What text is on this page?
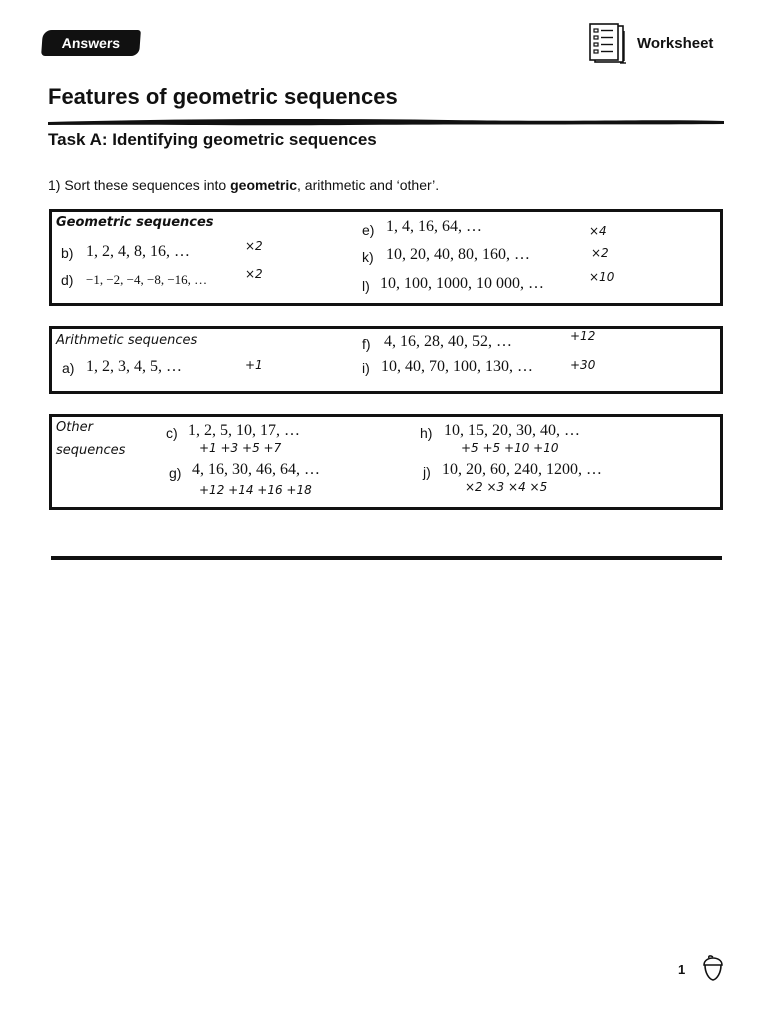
Answers	Worksheet
Features of geometric sequences
Task A: Identifying geometric sequences
1) Sort these sequences into geometric, arithmetic and ‘other’.
Geometric sequences
b) 1, 2, 4, 8, 16, …	×2
d) −1, −2, −4, −8, −16, …	×2
e) 1, 4, 16, 64, …	×4
k) 10, 20, 40, 80, 160, …	×2
l) 10, 100, 1000, 10 000, …	×10
Arithmetic sequences
a) 1, 2, 3, 4, 5, …	+1
f) 4, 16, 28, 40, 52, …	+12
i) 10, 40, 70, 100, 130, …	+30
Other
sequences
c) 1, 2, 5, 10, 17, …
+1 +3 +5 +7
g) 4, 16, 30, 46, 64, …
+12 +14 +16 +18
h) 10, 15, 20, 30, 40, …
+5 +5 +10 +10
j) 10, 20, 60, 240, 1200, …
×2 ×3 ×4 ×5
1
